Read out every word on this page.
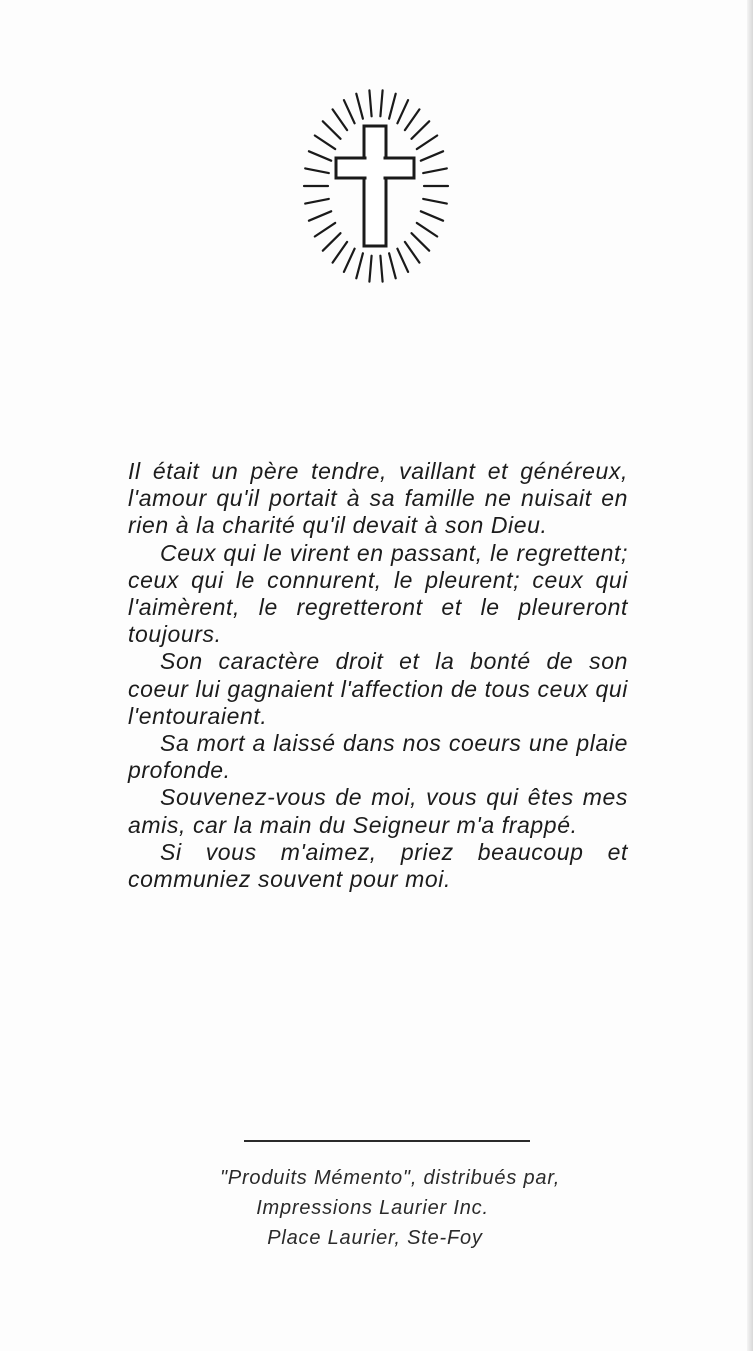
Il était un père tendre, vaillant et généreux, l'amour qu'il portait à sa famille ne nuisait en rien à la charité qu'il devait à son Dieu.

Ceux qui le virent en passant, le regrettent; ceux qui le connurent, le pleurent; ceux qui l'aimèrent, le regretteront et le pleureront toujours.

Son caractère droit et la bonté de son coeur lui gagnaient l'affection de tous ceux qui l'entouraient.

Sa mort a laissé dans nos coeurs une plaie profonde.

Souvenez-vous de moi, vous qui êtes mes amis, car la main du Seigneur m'a frappé.

Si vous m'aimez, priez beaucoup et communiez souvent pour moi.

"Produits Mémento", distribués par,
Impressions Laurier Inc.
Place Laurier, Ste-Foy
